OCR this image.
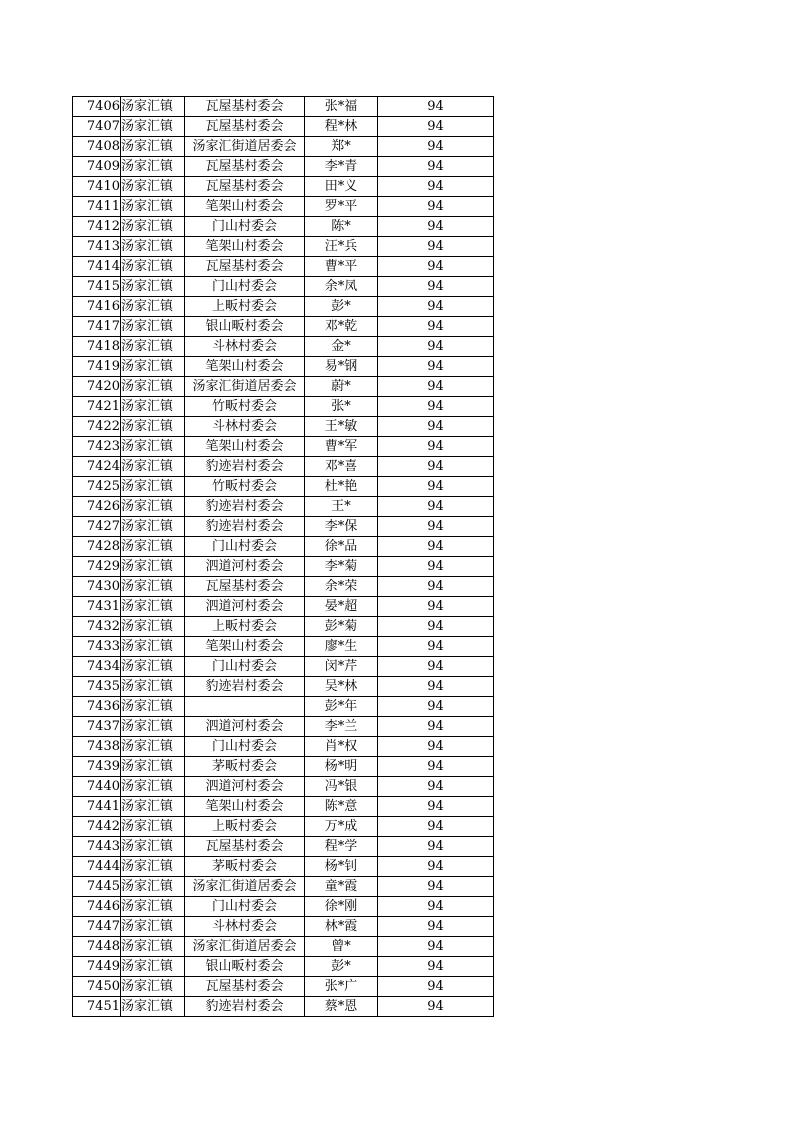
7406	汤家汇镇	瓦屋基村委会	张*福	94
7407	汤家汇镇	瓦屋基村委会	程*林	94
7408	汤家汇镇	汤家汇街道居委会	郑*	94
7409	汤家汇镇	瓦屋基村委会	李*青	94
7410	汤家汇镇	瓦屋基村委会	田*义	94
7411	汤家汇镇	笔架山村委会	罗*平	94
7412	汤家汇镇	门山村委会	陈*	94
7413	汤家汇镇	笔架山村委会	汪*兵	94
7414	汤家汇镇	瓦屋基村委会	曹*平	94
7415	汤家汇镇	门山村委会	余*凤	94
7416	汤家汇镇	上畈村委会	彭*	94
7417	汤家汇镇	银山畈村委会	邓*乾	94
7418	汤家汇镇	斗林村委会	金*	94
7419	汤家汇镇	笔架山村委会	易*钢	94
7420	汤家汇镇	汤家汇街道居委会	蔚*	94
7421	汤家汇镇	竹畈村委会	张*	94
7422	汤家汇镇	斗林村委会	王*敏	94
7423	汤家汇镇	笔架山村委会	曹*军	94
7424	汤家汇镇	豹迹岩村委会	邓*喜	94
7425	汤家汇镇	竹畈村委会	杜*艳	94
7426	汤家汇镇	豹迹岩村委会	王*	94
7427	汤家汇镇	豹迹岩村委会	李*保	94
7428	汤家汇镇	门山村委会	徐*品	94
7429	汤家汇镇	泗道河村委会	李*菊	94
7430	汤家汇镇	瓦屋基村委会	余*荣	94
7431	汤家汇镇	泗道河村委会	晏*超	94
7432	汤家汇镇	上畈村委会	彭*菊	94
7433	汤家汇镇	笔架山村委会	廖*生	94
7434	汤家汇镇	门山村委会	闵*芹	94
7435	汤家汇镇	豹迹岩村委会	吴*林	94
7436	汤家汇镇		彭*年	94
7437	汤家汇镇	泗道河村委会	李*兰	94
7438	汤家汇镇	门山村委会	肖*权	94
7439	汤家汇镇	茅畈村委会	杨*明	94
7440	汤家汇镇	泗道河村委会	冯*银	94
7441	汤家汇镇	笔架山村委会	陈*意	94
7442	汤家汇镇	上畈村委会	万*成	94
7443	汤家汇镇	瓦屋基村委会	程*学	94
7444	汤家汇镇	茅畈村委会	杨*钊	94
7445	汤家汇镇	汤家汇街道居委会	童*霞	94
7446	汤家汇镇	门山村委会	徐*刚	94
7447	汤家汇镇	斗林村委会	林*霞	94
7448	汤家汇镇	汤家汇街道居委会	曾*	94
7449	汤家汇镇	银山畈村委会	彭*	94
7450	汤家汇镇	瓦屋基村委会	张*广	94
7451	汤家汇镇	豹迹岩村委会	蔡*恩	94
